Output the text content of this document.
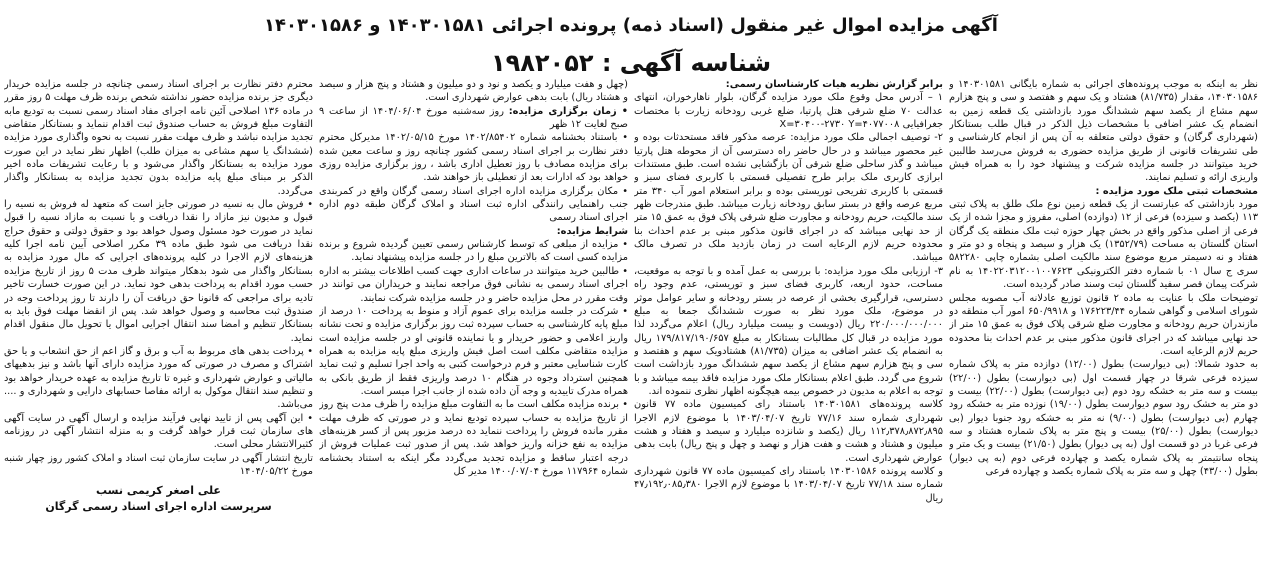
آگهی مزایده اموال غیر منقول (اسناد ذمه) پرونده اجرائی ۱۴۰۳۰۱۵۸۱ و ۱۴۰۳۰۱۵۸۶
شناسه آگهی : ۱۹۸۲۰۵۲

نظر به اینکه به موجب پرونده‌های اجرائی به شماره بایگانی ۱۴۰۳۰۱۵۸۱ و ۱۴۰۳۰۱۵۸۶، مقدار (۸۱/۷۳۵) هشتاد و یک سهم و هفتصد و سی و پنج هزارم سهم مشاع از یکصد سهم ششدانگ مورد بازداشتی یک قطعه زمین به انضمام یک عشر اضافی با مشخصات ذیل الذکر در قبال طلب بستانکار (شهرداری گرگان) و حقوق دولتی متعلقه به آن پس از انجام کارشناسی و طی تشریفات قانونی از طریق مزایده حضوری به فروش می‌رسد طالبین خرید میتوانند در جلسه مزایده شرکت و پیشنهاد خود را به همراه فیش واریزی ارائه و تسلیم نمایند.

مشخصات ثبتی ملک مورد مزایده :

مورد بازداشتی که عبارتست از یک قطعه زمین نوع ملک طلق به پلاک ثبتی ۱۱۳ (یکصد و سیزده) فرعی از ۱۲ (دوازده) اصلی، مفروز و مجزا شده از یک فرعی از اصلی مذکور واقع در بخش چهار حوزه ثبت ملک منطقه یک گرگان استان گلستان به مساحت (۱۳۵۲/۷۹) یک هزار و سیصد و پنجاه و دو متر و هفتاد و نه دسیمتر مربع موضوع سند مالکیت اصلی بشماره چاپی ۵۸۲۲۸۰ سری ج سال ۰۱ با شماره دفتر الکترونیکی ۱۴۰۲۲۰۳۱۲۰۰۱۰۰۷۶۲۳ به نام شرکت پیمان قصر سفید گلستان ثبت وسند صادر گردیده است.

توضیحات ملک با عنایت به ماده ۲ قانون توزیع عادلانه آب مصوبه مجلس شورای اسلامی و گواهی شماره ۱۷۶۲۲۳/۴۴ و ۶۵۰/۹۹۱۸ امور آب منطقه دو مازندران حریم رودخانه و مجاورت ضلع شرقی پلاک فوق به عمق ۱۵ متر از حد نهایی میباشد که در اجرای قانون مذکور مبنی بر عدم احداث بنا محدوده حریم لازم الرعایه است.

به حدود شمالا: (بی دیوارست) بطول (۱۲/۰۰) دوازده متر به پلاک شماره سیزده فرعی شرقا در چهار قسمت اول (بی دیوارست) بطول (۲۲/۰۰) بیست و سه متر به خشکه رود دوم (بی دیوارست) بطول (۲۲/۰۰) بیست و دو متر به خشک رود سوم دیوارست بطول (۱۹/۰۰) نوزده متر به خشکه رود چهارم (بی دیوارست) بطول (۹/۰۰) نه متر به خشکه رود جنوبا دیوار (بی دیوارست) بطول (۲۵/۰۰) بیست و پنج متر به پلاک شماره هشتاد و سه فرعی غربا در دو قسمت اول (به پی دیوار) بطول (۲۱/۵۰) بیست و یک متر و پنجاه سانتیمتر به پلاک شماره یکصد و چهارده فرعی دوم (به پی دیوار) بطول (۴۳/۰۰) چهل و سه متر به پلاک شماره یکصد و چهارده فرعی

برابر گزارش نظریه هیات کارشناسان رسمی:

۱ – آدرس محل وقوع ملک مورد مزایده گرگان، بلوار ناهارخوران، انتهای عدالت ۷۰ ضلع شرقی هتل پارتیا، ضلع غربی رودخانه زیارت با مختصات جغرافیایی X=۳۰۴۰۰-۲۷۳۰ Y=۴۰۷۷۰۰۸

۲- توصیف اجمالی ملک مورد مزایده: عرصه مذکور فاقد مستحدثات بوده و غیر محصور میباشد و در حال حاضر راه دسترسی آن از محوطه هتل پارتیا میباشد و گذر ساحلی ضلع شرقی آن بازگشایی نشده است. طبق مستندات ابرازی کاربری ملک برابر طرح تفصیلی قسمتی با کاربری فضای سبز و قسمتی با کاربری تفریحی توریستی بوده و برابر استعلام امور آب ۳۴۰ متر مربع عرصه واقع در بستر سابق رودخانه زیارت میباشد. طبق مندرجات ظهر سند مالکیت، حریم رودخانه و مجاورت ضلع شرقی پلاک فوق به عمق ۱۵ متر از حد نهایی میباشد که در اجرای قانون مذکور مبنی بر عدم احداث بنا محدوده حریم لازم الرعایه است در زمان بازدید ملک در تصرف مالک میباشد.

۳- ارزیابی ملک مورد مزایده: با بررسی به عمل آمده و با توجه به موقعیت، مساحت، حدود اربعه، کاربری فضای سبز و توریستی، عدم وجود راه دسترسی، قرارگیری بخشی از عرصه در بستر رودخانه و سایر عوامل موثر در موضوع، ملک مورد نظر به صورت ششدانگ جمعا به مبلغ ۲۲۰/۰۰۰/۰۰۰/۰۰۰ ریال (دویست و بیست میلیارد ریال) اعلام می‌گردد لذا مورد مزایده در قبال کل مطالبات بستانکار به مبلغ ۱۷۹/۸۱۷/۱۹۰/۶۵۷ ریال به انضمام یک عشر اضافی به میزان (۸۱/۷۳۵) هشتادویک سهم و هفتصد و سی و پنج هزارم سهم مشاع از یکصد سهم ششدانگ مورد بازداشت است شروع می گردد. طبق اعلام بستانکار ملک مورد مزایده فاقد بیمه میباشد و با توجه به اعلام به مدیون در خصوص بیمه هیچگونه اظهار نظری ننموده اند.

کلاسه پرونده‌های ۱۴۰۳۰۱۵۸۱ باستناد رای کمیسیون ماده ۷۷ قانون شهرداری شماره سند ۷۷/۱۶ تاریخ ۱۴۰۳/۰۴/۰۷ با موضوع لازم الاجرا ۱۱۲٫۳۷۸٫۸۷۲٫۸۹۵ ریال (یکصد و شانزده میلیارد و سیصد و هفتاد و هشت میلیون و هشتاد و هشت و هفت هزار و نهصد و چهل و پنج ریال) بابت بدهی عوارض شهرداری است.

و کلاسه پرونده ۱۴۰۳۰۱۵۸۶ باستناد رای کمیسیون ماده ۷۷ قانون شهرداری شماره سند ۷۷/۱۸ تاریخ ۱۴۰۳/۰۴/۰۷ با موضوع لازم الاجرا ۴۷٫۱۹۲٫۰۸۵٫۳۸۰ ریال

(چهل و هفت میلیارد و یکصد و نود و دو میلیون و هشتاد و پنج هزار و سیصد و هشتاد ریال) بابت بدهی عوارض شهرداری است.

• زمان برگزاری مزایده: روز سه‌شنبه مورخ ۱۴۰۴/۰۶/۰۴ از ساعت ۹ صبح لغایت ۱۲ ظهر

• باستناد بخشنامه شماره ۱۴۰۲/۸۵۴۰۲ مورخ ۱۴۰۲/۰۵/۱۵ مدیرکل محترم دفتر نظارت بر اجرای اسناد رسمی کشور چنانچه روز و ساعت معین شده برای مزایده مصادف با روز تعطیل اداری باشد ، روز برگزاری مزایده روزی خواهد بود که ادارات بعد از تعطیلی باز خواهند شد.

• مکان برگزاری مزایده اداره اجرای اسناد رسمی گرگان واقع در کمربندی جنب راهنمایی رانندگی اداره ثبت اسناد و املاک گرگان طبقه دوم اداره اجرای اسناد رسمی

شرایط مزایده:

• مزایده از مبلغی که توسط کارشناس رسمی تعیین گردیده شروع و برنده مزایده کسی است که بالاترین مبلغ را در جلسه مزایده پیشنهاد نماید.

• طالبین خرید میتوانند در ساعات اداری جهت کسب اطلاعات بیشتر به اداره اجرای اسناد رسمی به نشانی فوق مراجعه نمایند و خریداران می توانند در وقت مقرر در محل مزایده حاضر و در جلسه مزایده شرکت نمایند.

• شرکت در جلسه مزایده برای عموم آزاد و منوط به پرداخت ۱۰ درصد از مبلغ پایه کارشناسی به حساب سپرده ثبت روز برگزاری مزایده و تحت نشانه واریز اعلامی و حضور خریدار و یا نماینده قانونی او در جلسه مزایده است مزایده متقاضی مکلف است اصل فیش واریزی مبلغ پایه مزایده به همراه کارت شناسایی معتبر و فرم درخواست کتبی به واحد اجرا تسلیم و ثبت نماید همچنین استرداد وجوه در هنگام ۱۰ درصد واریزی فقط از طریق بانکی به همراه مدرک تاییدیه و وجه آن داده شده از جانب اجرا میسر است.

• برنده مزایده مکلف است ما به التفاوت مبلغ مزایده را ظرف مدت پنج روز از تاریخ مزایده به حساب سپرده تودیع نماید و در صورتی که ظرف مهلت مقرر مانده فروش را پرداخت ننماید ده درصد مزبور پس از کسر هزینه‌های مزایده به نفع خزانه واریز خواهد شد. پس از صدور ثبت عملیات فروش از درجه اعتبار ساقط و مزایده تجدید می‌گردد مگر اینکه به استناد بخشنامه شماره ۱۱۷۹۶۴ مورخ ۱۴۰۰/۰۷/۰۴ مدیر کل

محترم دفتر نظارت بر اجرای اسناد رسمی چنانچه در جلسه مزایده خریدار دیگری جز برنده مزایده حضور نداشته شخص برنده ظرف مهلت ۵ روز مقرر در ماده ۱۳۶ اصلاحی آئین نامه اجرای مفاد اسناد رسمی نسبت به تودیع مابه التفاوت مبلغ فروش به حساب صندوق ثبت اقدام ننماید و بستانکار متقاضی تجدید مزایده نباشد و ظرف مهلت مقرر نسبت به نحوه واگذاری مورد مزایده (ششدانگ یا سهم مشاعی به میزان طلب) اظهار نظر نماید در این صورت مورد مزایده به بستانکار واگذار می‌شود و با رعایت تشریفات ماده اخیر الذکر بر مبنای مبلغ پایه مزایده بدون تجدید مزایده به بستانکار واگذار می‌گردد.

• فروش مال به نسیه در صورتی جایز است که متعهد له فروش به نسیه را قبول و مدیون نیز مازاد را نقدا دریافت و یا نسبت به مازاد نسیه را قبول نماید در صورت خود مسئول وصول خواهد بود و حقوق دولتی و حقوق حراج نقدا دریافت می شود طبق ماده ۳۹ مکرر اصلاحی آیین نامه اجرا کلیه هزینه‌های لازم الاجرا در کلیه پرونده‌های اجرایی که مال مورد مزایده به بستانکار واگذار می شود بدهکار میتواند ظرف مدت ۵ روز از تاریخ مزایده حسب مورد اقدام به پرداخت بدهی خود نماید. در این صورت خسارت تاخیر تادیه برای مراجعی که قانونا حق دریافت آن را دارند تا روز پرداخت وجه در صندوق ثبت محاسبه و وصول خواهد شد. پس از انقضا مهلت فوق باید به بستانکار تنظیم و امضا سند انتقال اجرایی اموال یا تحویل مال منقول اقدام نماید.

• پرداخت بدهی های مربوط به آب و برق و گاز اعم از حق انشعاب و یا حق اشتراک و مصرف در صورتی که مورد مزایده دارای آنها باشد و نیز بدهیهای مالیاتی و عوارض شهرداری و غیره تا تاریخ مزایده به عهده خریدار خواهد بود و تنظیم سند انتقال موکول به ارائه مفاصا حسابهای دارایی و شهرداری و .... می‌باشد.

• این آگهی پس از تایید نهایی فرآیند مزایده و ارسال آگهی در سایت آگهی های سازمان ثبت قرار خواهد گرفت و به منزله انتشار آگهی در روزنامه کثیرالانتشار محلی است.

تاریخ انتشار آگهی در سایت سازمان ثبت اسناد و املاک کشور روز چهار شنبه مورخ ۱۴۰۴/۰۵/۲۲

علی اصغر کریمی نسب
سرپرست اداره اجرای اسناد رسمی گرگان
